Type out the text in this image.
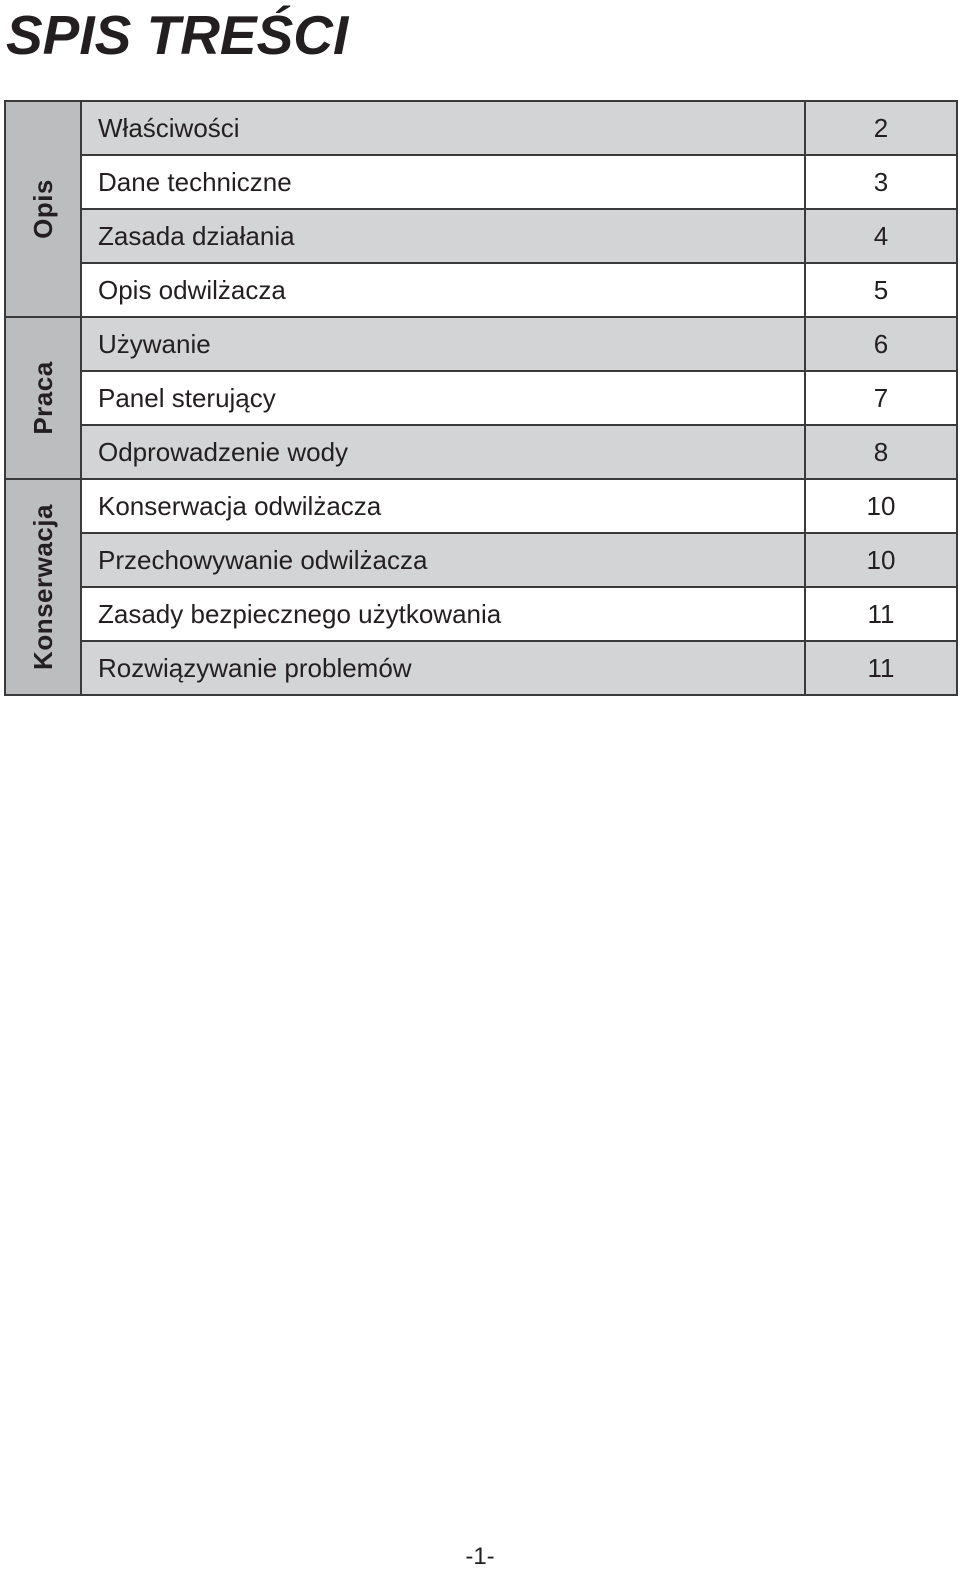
SPIS TREŚCI
Opis	Właściwości	2
	Dane techniczne	3
	Zasada działania	4
	Opis odwilżacza	5

Praca	Używanie	6
	Panel sterujący	7
	Odprowadzenie wody	8

Konserwacja	Konserwacja odwilżacza	10
	Przechowywanie odwilżacza	10
	Zasady bezpiecznego użytkowania	11
	Rozwiązywanie problemów	11
-1-
